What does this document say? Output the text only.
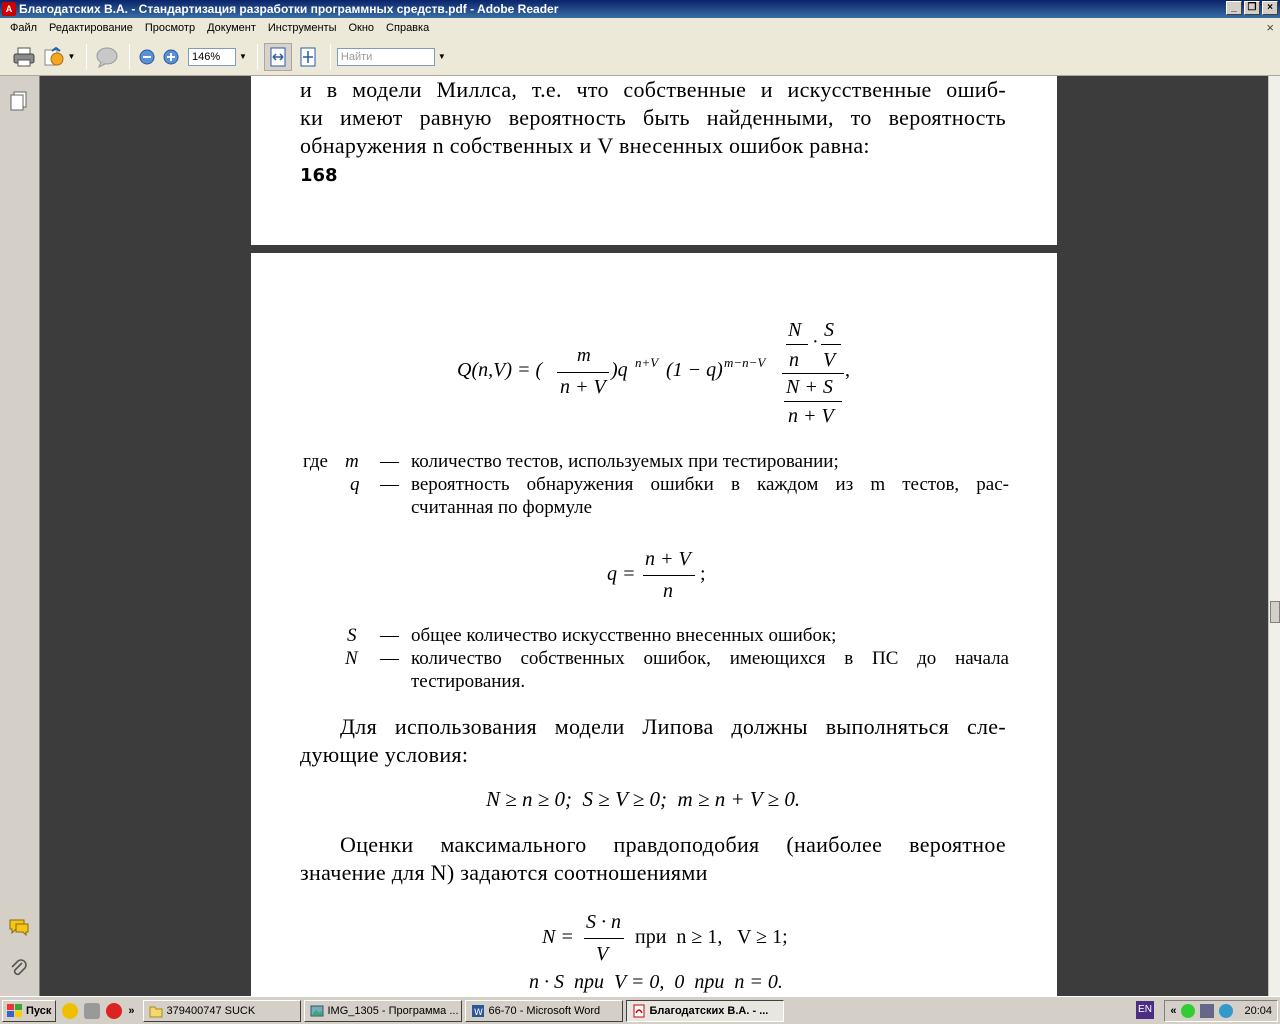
A Благодатских В.А. - Стандартизация разработки программных средств.pdf - Adobe Reader	_	❐	×
Файл	Редактирование	Просмотр	Документ	Инструменты	Окно	Справка	×
▼	146%	▼	Найти	▼
и в модели Миллса, т.е. что собственные и искусственные ошиб-
ки имеют равную вероятность быть найденными, то вероятность
обнаружения n собственных и V внесенных ошибок равна:
168
Q(n,V) = (
m
n + V
)q n+V (1 − q) m−n−V
N
n
·
S
V
N + S
n + V
,
где m — количество тестов, используемых при тестировании;
q — вероятность обнаружения ошибки в каждом из m тестов, рас-
считанная по формуле
q =
n + V
n
;
S — общее количество искусственно внесенных ошибок;
N — количество собственных ошибок, имеющихся в ПС до начала
тестирования.
Для использования модели Липова должны выполняться сле-
дующие условия:
N ≥ n ≥ 0;  S ≥ V ≥ 0;  m ≥ n + V ≥ 0.
Оценки максимального правдоподобия (наиболее вероятное
значение для N) задаются соотношениями
N =
S · n
V
при  n ≥ 1,   V ≥ 1;
n · S  при  V = 0,  0  при  n = 0.
Пуск	»	379400747 SUCK	IMG_1305 - Программа ... W 66-70 - Microsoft Word	Благодатских В.А. - ...	EN «	20:04
